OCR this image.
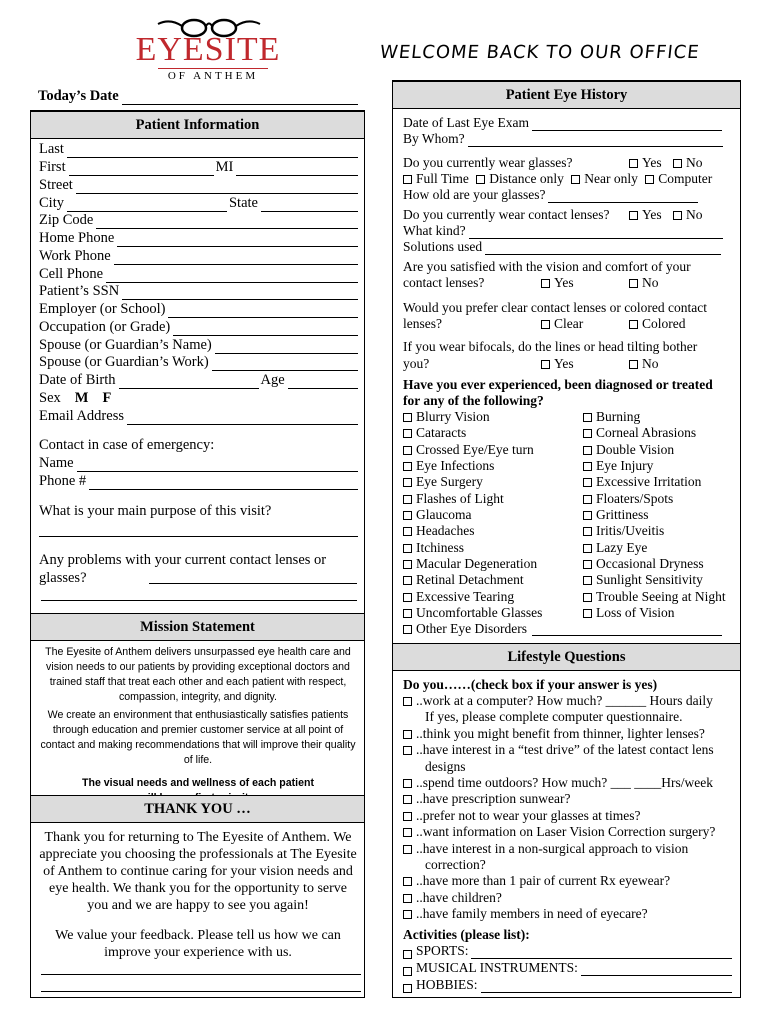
EYESITE
OF ANTHEM
WELCOME BACK TO OUR OFFICE
Today’s Date
Patient Information
Last
First	MI
Street
City	State
Zip Code
Home Phone
Work Phone
Cell Phone
Patient’s SSN
Employer (or School)
Occupation (or Grade)
Spouse (or Guardian’s Name)
Spouse (or Guardian’s Work)
Date of Birth	Age
Sex M F
Email Address
Contact in case of emergency:
Name
Phone #
What is your main purpose of this visit?
Any problems with your current contact lenses or glasses?
Mission Statement
The Eyesite of Anthem delivers unsurpassed eye health care and vision needs to our patients by providing exceptional doctors and trained staff that treat each other and each patient with respect, compassion, integrity, and dignity.
We create an environment that enthusiastically satisfies patients through education and premier customer service at all point of contact and making recommendations that will improve their quality of life.
The visual needs and wellness of each patient
THANK YOU …
Thank you for returning to The Eyesite of Anthem. We appreciate you choosing the professionals at The Eyesite of Anthem to continue caring for your vision needs and eye health. We thank you for the opportunity to serve you and we are happy to see you again!
We value your feedback. Please tell us how we can improve your experience with us.
Patient Eye History
Date of Last Eye Exam
By Whom?
Do you currently wear glasses?	Yes No
Full Time Distance only Near only Computer
How old are your glasses?
Do you currently wear contact lenses?	Yes No
What kind?
Solutions used
Are you satisfied with the vision and comfort of your
contact lenses?	Yes	No
Would you prefer clear contact lenses or colored contact
lenses?	Clear	Colored
If you wear bifocals, do the lines or head tilting bother
you?	Yes	No
Have you ever experienced, been diagnosed or treated
for any of the following?
Blurry Vision
Cataracts
Crossed Eye/Eye turn
Eye Infections
Eye Surgery
Flashes of Light
Glaucoma
Headaches
Itchiness
Macular Degeneration
Retinal Detachment
Excessive Tearing
Uncomfortable Glasses
Other Eye Disorders
Burning
Corneal Abrasions
Double Vision
Eye Injury
Excessive Irritation
Floaters/Spots
Grittiness
Iritis/Uveitis
Lazy Eye
Occasional Dryness
Sunlight Sensitivity
Trouble Seeing at Night
Loss of Vision
Lifestyle Questions
Do you……(check box if your answer is yes)
..work at a computer? How much? ______ Hours daily
If yes, please complete computer questionnaire.
..think you might benefit from thinner, lighter lenses?
..have interest in a “test drive” of the latest contact lens
designs
..spend time outdoors? How much? ___ ____Hrs/week
..have prescription sunwear?
..prefer not to wear your glasses at times?
..want information on Laser Vision Correction surgery?
..have interest in a non-surgical approach to vision
correction?
..have more than 1 pair of current Rx eyewear?
..have children?
..have family members in need of eyecare?
Activities (please list):
SPORTS:
MUSICAL INSTRUMENTS:
HOBBIES:
